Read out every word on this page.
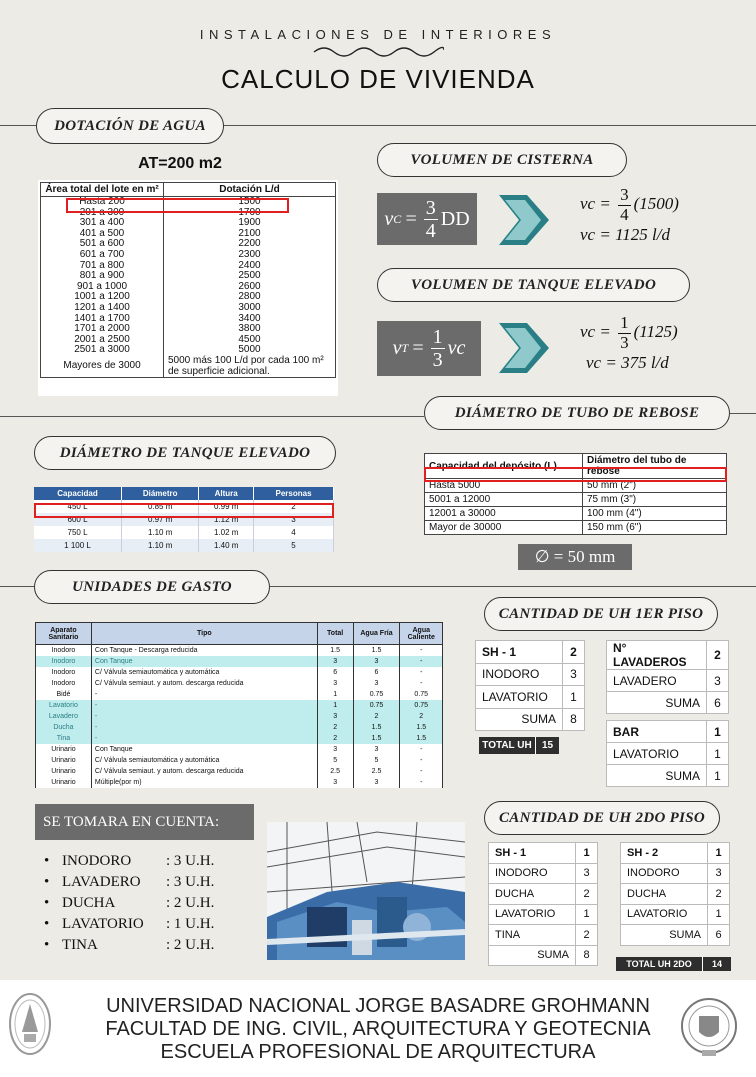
INSTALACIONES DE INTERIORES
CALCULO DE VIVIENDA
DOTACIÓN DE AGUA
AT=200 m2
Área total del lote en m²	Dotación L/d
Hasta 200	1500
201 a 300	1700
301 a 400	1900
401 a 500	2100
501 a 600	2200
601 a 700	2300
701 a 800	2400
801 a 900	2500
901 a 1000	2600
1001 a 1200	2800
1201 a 1400	3000
1401 a 1700	3400
1701 a 2000	3800
2001 a 2500	4500
2501 a 3000	5000
Mayores de 3000	5000 más 100 L/d por cada 100 m² de superficie adicional.
VOLUMEN DE CISTERNA
v $C = \frac{3}{4}$ DD
vc = $\frac{3}{4} (1500)$
vc = 1125 l/d
VOLUMEN DE TANQUE ELEVADO
v $T = \frac{1}{3}$ vc
vc = $\frac{1}{3} (1125)$
vc = 375 l/d
DIÁMETRO DE TUBO DE REBOSE
Capacidad del depósito (L)	Diámetro del tubo de rebose
Hasta 5000	50 mm (2")
5001 a 12000	75 mm (3")
12001 a 30000	100 mm (4")
Mayor de 30000	150 mm (6")
∅ = 50 mm
DIÁMETRO DE TANQUE ELEVADO
Capacidad	Diámetro	Altura	Personas
450 L	0.85 m	0.99 m	2
600 L	0.97 m	1.12 m	3
750 L	1.10 m	1.02 m	4
1 100 L	1.10 m	1.40 m	5
UNIDADES DE GASTO
Aparato Sanitario	Tipo	Total	Agua Fría	Agua Caliente
Inodoro	Con Tanque - Descarga reducida	1.5	1.5	-
Inodoro	Con Tanque	3	3	-
Inodoro	C/ Válvula semiautomática y automática	6	6	-
Inodoro	C/ Válvula semiaut. y autom. descarga reducida	3	3	-
Bidé	-	1	0.75	0.75
Lavatorio	-	1	0.75	0.75
Lavadero	-	3	2	2
Ducha	-	2	1.5	1.5
Tina	-	2	1.5	1.5
Urinario	Con Tanque	3	3	-
Urinario	C/ Válvula semiautomática y automática	5	5	-
Urinario	C/ Válvula semiaut. y autom. descarga reducida	2.5	2.5	-
Urinario	Múltiple(por m)	3	3	-
SE TOMARA EN CUENTA:
• INODORO	: 3 U.H.
• LAVADERO	: 3 U.H.
• DUCHA	: 2 U.H.
• LAVATORIO	: 1 U.H.
• TINA	: 2 U.H.
CANTIDAD DE UH 1ER PISO
SH - 1	2
INODORO	3
LAVATORIO	1
SUMA	8
N° LAVADEROS	2
LAVADERO	3
SUMA	6
BAR	1
LAVATORIO	1
SUMA	1
TOTAL UH	15
CANTIDAD DE UH 2DO PISO
SH - 1	1
INODORO	3
DUCHA	2
LAVATORIO	1
TINA	2
SUMA	8
SH - 2	1
INODORO	3
DUCHA	2
LAVATORIO	1
SUMA	6
TOTAL UH 2DO	14
UNIVERSIDAD NACIONAL JORGE BASADRE GROHMANN
FACULTAD DE ING. CIVIL, ARQUITECTURA Y GEOTECNIA
ESCUELA PROFESIONAL DE ARQUITECTURA
